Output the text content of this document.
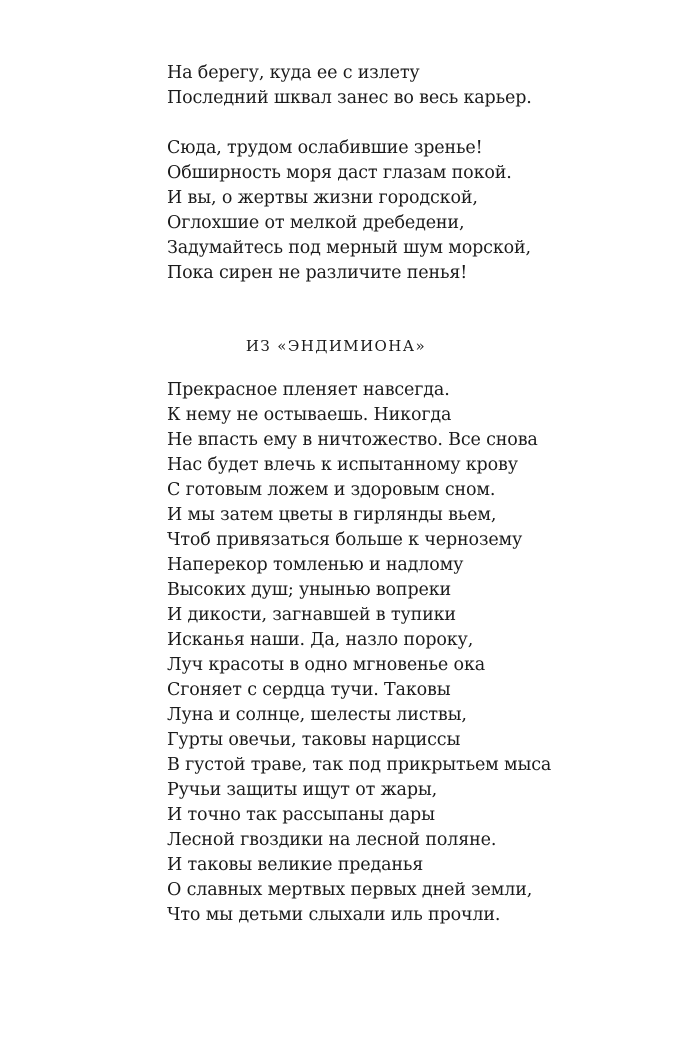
На берегу, куда ее с излету
Последний шквал занес во весь карьер.
Сюда, трудом ослабившие зренье!
Обширность моря даст глазам покой.
И вы, о жертвы жизни городской,
Оглохшие от мелкой дребедени,
Задумайтесь под мерный шум морской,
Пока сирен не различите пенья!
ИЗ «ЭНДИМИОНА»
Прекрасное пленяет навсегда.
К нему не остываешь. Никогда
Не впасть ему в ничтожество. Все снова
Нас будет влечь к испытанному крову
С готовым ложем и здоровым сном.
И мы затем цветы в гирлянды вьем,
Чтоб привязаться больше к чернозему
Наперекор томленью и надлому
Высоких душ; унынью вопреки
И дикости, загнавшей в тупики
Исканья наши. Да, назло пороку,
Луч красоты в одно мгновенье ока
Сгоняет с сердца тучи. Таковы
Луна и солнце, шелесты листвы,
Гурты овечьи, таковы нарциссы
В густой траве, так под прикрытьем мыса
Ручьи защиты ищут от жары,
И точно так рассыпаны дары
Лесной гвоздики на лесной поляне.
И таковы великие преданья
О славных мертвых первых дней земли,
Что мы детьми слыхали иль прочли.
